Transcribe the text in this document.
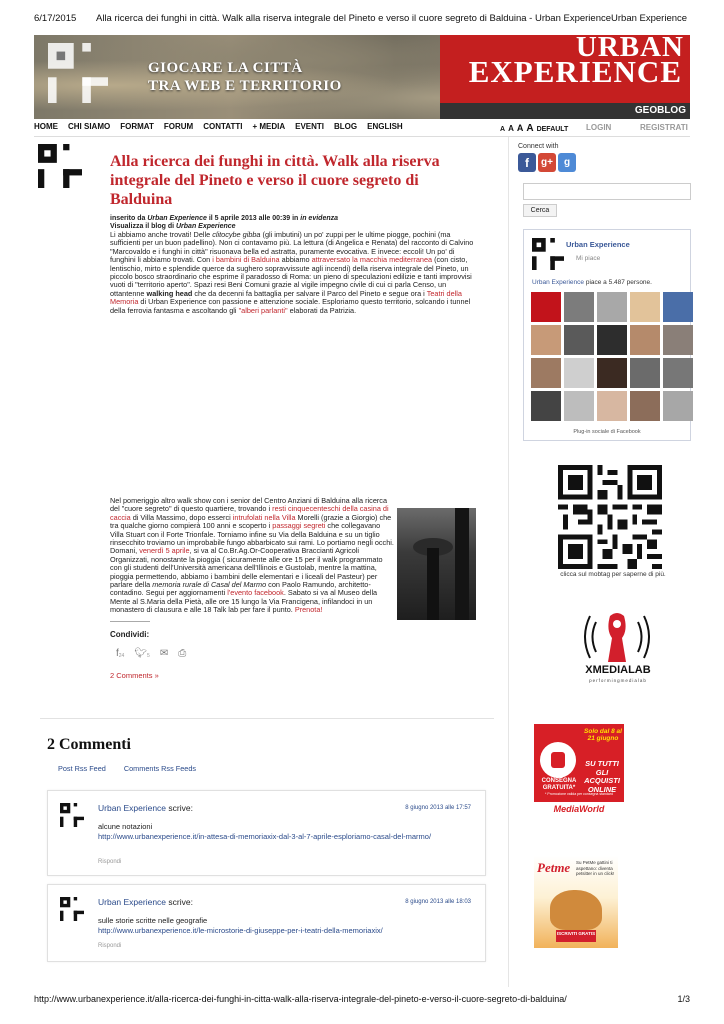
6/17/2015 Alla ricerca dei funghi in città. Walk alla riserva integrale del Pineto e verso il cuore segreto di Balduina - Urban ExperienceUrban Experience
GIOCARE LA CITTÀ
TRA WEB E TERRITORIO
URBAN
EXPERIENCE
GEOBLOG
HOME CHI SIAMO FORMAT FORUM CONTATTI + MEDIA EVENTI BLOG ENGLISH	A A A A DEFAULT LOGIN	REGISTRATI
Alla ricerca dei funghi in città. Walk alla riserva integrale del Pineto e verso il cuore segreto di Balduina
inserito da Urban Experience il 5 aprile 2013 alle 00:39 in in evidenza
Visualizza il blog di Urban Experience

Li abbiamo anche trovati! Delle clitocybe gibba (gli imbutini) un po' zuppi per le ultime piogge, pochini (ma sufficienti per un buon padellino). Non ci contavamo più. La lettura (di Angelica e Renata) del racconto di Calvino "Marcovaldo e i funghi in città" risuonava bella ed astratta, puramente evocativa. E invece: eccoli! Un po' di funghini li abbiamo trovati. Con i bambini di Balduina abbiamo attraversato la macchia mediterranea (con cisto, lentischio, mirto e splendide querce da sughero sopravvissute agli incendi) della riserva integrale del Pineto, un piccolo bosco straordinario che esprime il paradosso di Roma: un pieno di speculazioni edilizie e tanti improvvisi vuoti di "territorio aperto". Spazi resi Beni Comuni grazie al vigile impegno civile di cui ci parla Censo, un ottantenne walking head che da decenni fa battaglia per salvare il Parco del Pineto e segue ora i Teatri della Memoria di Urban Experience con passione e attenzione sociale. Esploriamo questo territorio, solcando i tunnel della ferrovia fantasma e ascoltando gli "alberi parlanti" elaborati da Patrizia.

Nel pomeriggio altro walk show con i senior del Centro Anziani di Balduina alla ricerca del "cuore segreto" di questo quartiere, trovando i resti cinquecenteschi della casina di caccia di Villa Massimo, dopo esserci intrufolati nella Villa Morelli (grazie a Giorgio) che tra qualche giorno compierà 100 anni e scoperto i passaggi segreti che collegavano Villa Stuart con il Forte Trionfale. Torniamo infine su Via della Balduina e su un tiglio rinsecchito troviamo un improbabile fungo abbarbicato sui rami. Lo portiamo negli occhi.

Domani, venerdì 5 aprile, si va al Co.Br.Ag.Or-Cooperativa Braccianti Agricoli Organizzati, nonostante la pioggia ( sicuramente alle ore 15 per il walk programmato con gli studenti dell'Università americana dell'Illinois e Gustolab, mentre la mattina, pioggia permettendo, abbiamo i bambini delle elementari e i liceali del Pasteur) per parlare della memoria rurale di Casal del Marmo con Paolo Ramundo, architetto-contadino. Segui per aggiornamenti l'evento facebook. Sabato si va al Museo della Mente al S.Maria della Pietà, alle ore 15 lungo la Via Francigena, infilandoci in un monastero di clausura e alle 18 Talk lab per fare il punto. Prenota!

Condividi:
f24 🐦︎5 ✉ ⎙
2 Comments »
2 Commenti
Post Rss Feed Comments Rss Feeds
Urban Experience scrive:	8 giugno 2013 alle 17:57
alcune notazioni
http://www.urbanexperience.it/in-attesa-di-memoriaxix-dal-3-al-7-aprile-esploriamo-casal-del-marmo/
Rispondi
Urban Experience scrive:	8 giugno 2013 alle 18:03
sulle storie scritte nelle geografie
http://www.urbanexperience.it/le-microstorie-di-giuseppe-per-i-teatri-della-memoriaxix/
Rispondi
Connect with
f	g+	g
Cerca
Urban Experience
Mi piace
Urban Experience piace a 5.487 persone.
Plug-in sociale di Facebook
clicca sul mobtag per saperne di più.
XMEDIALAB
performingmedialab
Solo dal 8 al 21 giugno
SU TUTTI GLI ACQUISTI ONLINE
CONSEGNA GRATUITA*
* Promozione valida per consegna standard
MediaWorld
Petme Su PetMe gattini ti aspettano: diventa petsitter in un click!
ISCRIVITI GRATIS
http://www.urbanexperience.it/alla-ricerca-dei-funghi-in-citta-walk-alla-riserva-integrale-del-pineto-e-verso-il-cuore-segreto-di-balduina/	1/3
